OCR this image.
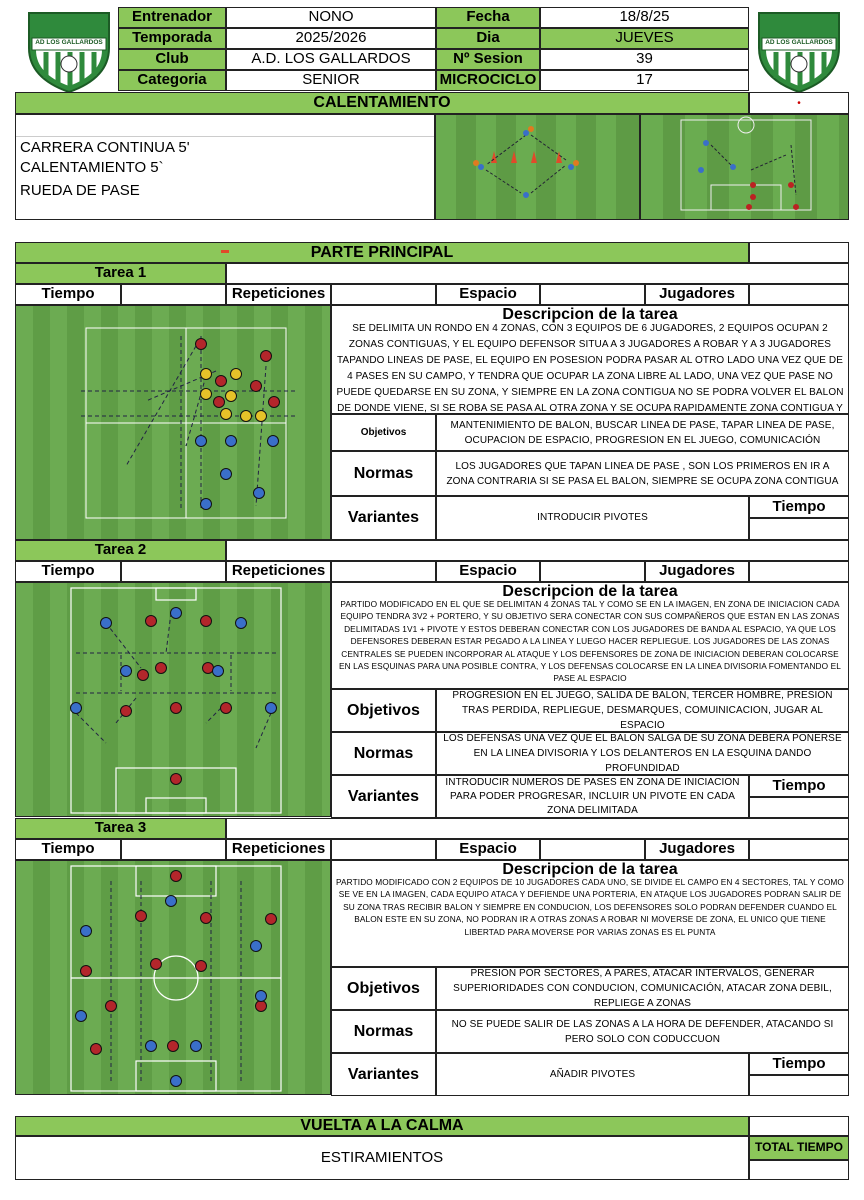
AD LOS GALLARDOS	AD LOS GALLARDOS
Entrenador	NONO	Fecha	18/8/25
Temporada	2025/2026	Dia	JUEVES
Club	A.D. LOS GALLARDOS	Nº Sesion	39
Categoria	SENIOR	MICROCICLO	17
CALENTAMIENTO	•
CARRERA CONTINUA 5'
CALENTAMIENTO 5`
RUEDA DE PASE
PARTE PRINCIPAL
Tarea 1
Tiempo	Repeticiones	Espacio	Jugadores
Descripcion de la tarea
SE DELIMITA UN RONDO EN 4 ZONAS, CON 3 EQUIPOS DE 6 JUGADORES, 2 EQUIPOS OCUPAN 2 ZONAS CONTIGUAS, Y EL EQUIPO DEFENSOR SITUA A 3 JUGADORES A ROBAR Y A 3 JUGADORES TAPANDO LINEAS DE PASE, EL EQUIPO EN POSESION PODRA PASAR AL OTRO LADO UNA VEZ QUE DE 4 PASES EN SU CAMPO, Y TENDRA QUE OCUPAR LA ZONA LIBRE AL LADO, UNA VEZ QUE PASE NO PUEDE QUEDARSE EN SU ZONA, Y SIEMPRE EN LA ZONA CONTIGUA NO SE PODRA VOLVER EL BALON DE DONDE VIENE, SI SE ROBA SE PASA AL OTRA ZONA Y SE OCUPA RAPIDAMENTE ZONA CONTIGUA Y
Objetivos
MANTENIMIENTO DE BALON, BUSCAR LINEA DE PASE, TAPAR LINEA DE PASE, OCUPACION DE ESPACIO, PROGRESION EN EL JUEGO, COMUNICACIÓN
Normas	LOS JUGADORES QUE TAPAN LINEA DE PASE , SON LOS PRIMEROS EN IR A ZONA CONTRARIA SI SE PASA EL BALON, SIEMPRE SE OCUPA ZONA CONTIGUA
Variantes	INTRODUCIR PIVOTES
Tiempo
Tarea 2
Tiempo	Repeticiones	Espacio	Jugadores
Descripcion de la tarea
PARTIDO MODIFICADO EN EL QUE SE DELIMITAN 4 ZONAS TAL Y COMO SE EN LA IMAGEN, EN ZONA DE INICIACION CADA EQUIPO TENDRA 3V2 + PORTERO, Y SU OBJETIVO SERA CONECTAR CON SUS COMPAÑEROS QUE ESTAN EN LAS ZONAS DELIMITADAS 1V1 + PIVOTE Y ESTOS DEBERAN CONECTAR CON LOS JUGADORES DE BANDA AL ESPACIO, YA QUE LOS DEFENSORES DEBERAN ESTAR PEGADO A LA LINEA Y LUEGO HACER REPLIEGUE. LOS JUGADORES DE LAS ZONAS CENTRALES SE PUEDEN INCORPORAR AL ATAQUE Y LOS DEFENSORES DE ZONA DE INICIACION DEBERAN COLOCARSE EN LAS ESQUINAS PARA UNA POSIBLE CONTRA, Y LOS DEFENSAS COLOCARSE EN LA LINEA DIVISORIA FOMENTANDO EL PASE AL ESPACIO
Objetivos
PROGRESION EN EL JUEGO, SALIDA DE BALON, TERCER HOMBRE, PRESION TRAS PERDIDA, REPLIEGUE, DESMARQUES, COMUINICACION, JUGAR AL ESPACIO
Normas
LOS DEFENSAS UNA VEZ QUE EL BALON SALGA DE SU ZONA DEBERA PONERSE EN LA LINEA DIVISORIA Y LOS DELANTEROS EN LA ESQUINA DANDO PROFUNDIDAD
Variantes
INTRODUCIR NUMEROS DE PASES EN ZONA DE INICIACION PARA PODER PROGRESAR, INCLUIR UN PIVOTE EN CADA ZONA DELIMITADA
Tiempo
Tarea 3
Tiempo	Repeticiones	Espacio	Jugadores
Descripcion de la tarea
PARTIDO MODIFICADO CON 2 EQUIPOS DE 10 JUGADORES CADA UNO, SE DIVIDE EL CAMPO EN 4 SECTORES, TAL Y COMO SE VE EN LA IMAGEN, CADA EQUIPO ATACA Y DEFIENDE UNA PORTERIA, EN ATAQUE LOS JUGADORES PODRAN SALIR DE SU ZONA TRAS RECIBIR BALON Y SIEMPRE EN CONDUCION, LOS DEFENSORES SOLO PODRAN DEFENDER CUANDO EL BALON ESTE EN SU ZONA, NO PODRAN IR A OTRAS ZONAS A ROBAR NI MOVERSE DE ZONA, EL UNICO QUE TIENE LIBERTAD PARA MOVERSE POR VARIAS ZONAS ES EL PUNTA
Objetivos
PRESION POR SECTORES, A PARES, ATACAR INTERVALOS, GENERAR SUPERIORIDADES CON CONDUCION, COMUNICACIÓN, ATACAR ZONA DEBIL, REPLIEGE A ZONAS
Normas	NO SE PUEDE SALIR DE LAS ZONAS A LA HORA DE DEFENDER, ATACANDO SI PERO SOLO CON CODUCCUON
Variantes	AÑADIR PIVOTES
Tiempo
VUELTA A LA CALMA
ESTIRAMIENTOS
TOTAL TIEMPO
